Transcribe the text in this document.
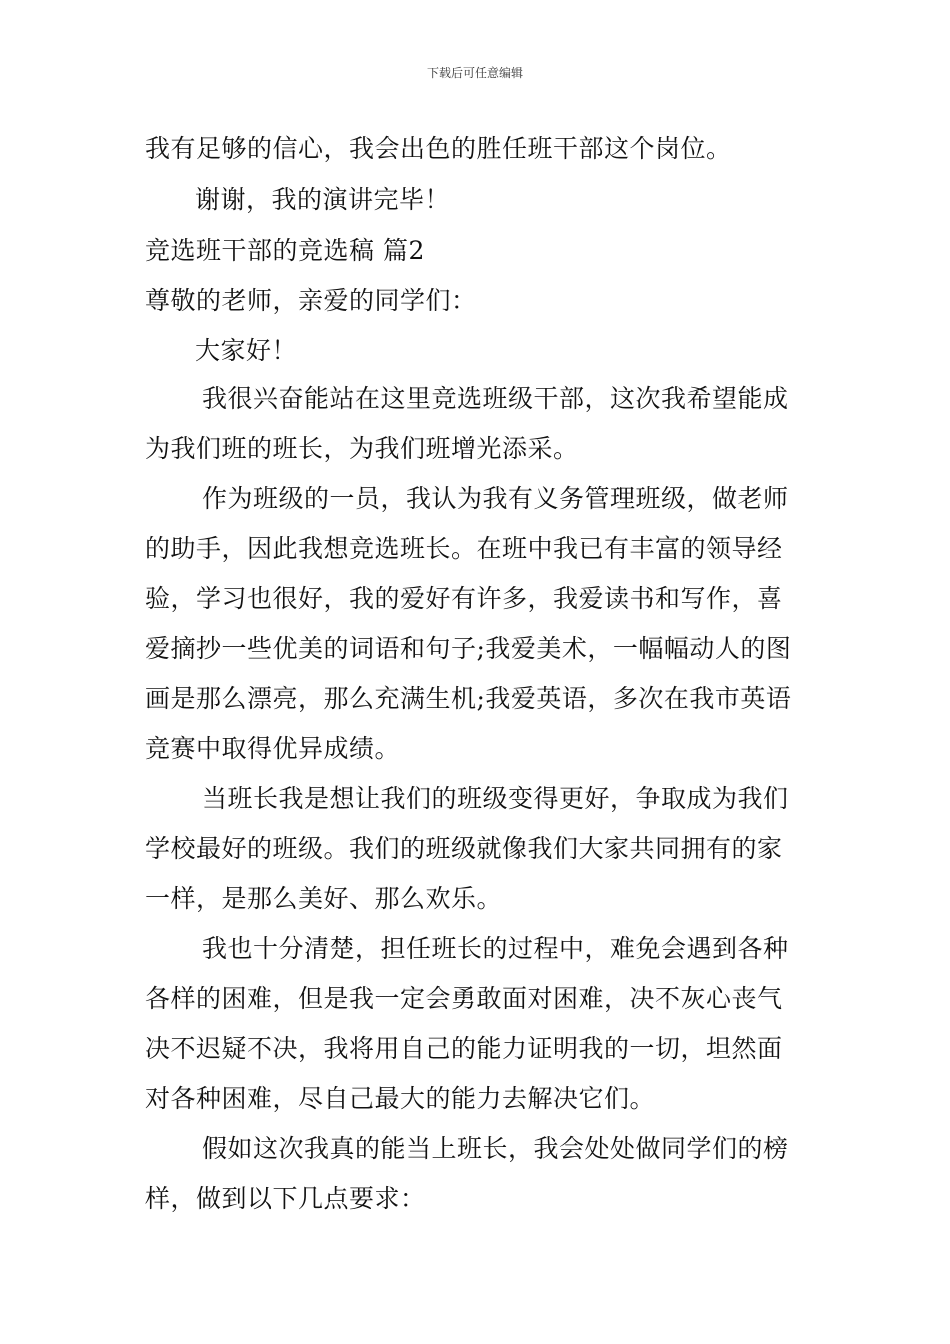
下载后可任意编辑
我有足够的信心，我会出色的胜任班干部这个岗位。
谢谢，我的演讲完毕！
竞选班干部的竞选稿 篇2
尊敬的老师，亲爱的同学们：
大家好！
我很兴奋能站在这里竞选班级干部，这次我希望能成
为我们班的班长，为我们班增光添采。
作为班级的一员，我认为我有义务管理班级，做老师
的助手，因此我想竞选班长。在班中我已有丰富的领导经
验，学习也很好，我的爱好有许多，我爱读书和写作，喜
爱摘抄一些优美的词语和句子;我爱美术，一幅幅动人的图
画是那么漂亮，那么充满生机;我爱英语，多次在我市英语
竞赛中取得优异成绩。
当班长我是想让我们的班级变得更好，争取成为我们
学校最好的班级。我们的班级就像我们大家共同拥有的家
一样，是那么美好、那么欢乐。
我也十分清楚，担任班长的过程中，难免会遇到各种
各样的困难，但是我一定会勇敢面对困难，决不灰心丧气
决不迟疑不决，我将用自己的能力证明我的一切，坦然面
对各种困难，尽自己最大的能力去解决它们。
假如这次我真的能当上班长，我会处处做同学们的榜
样，做到以下几点要求：
